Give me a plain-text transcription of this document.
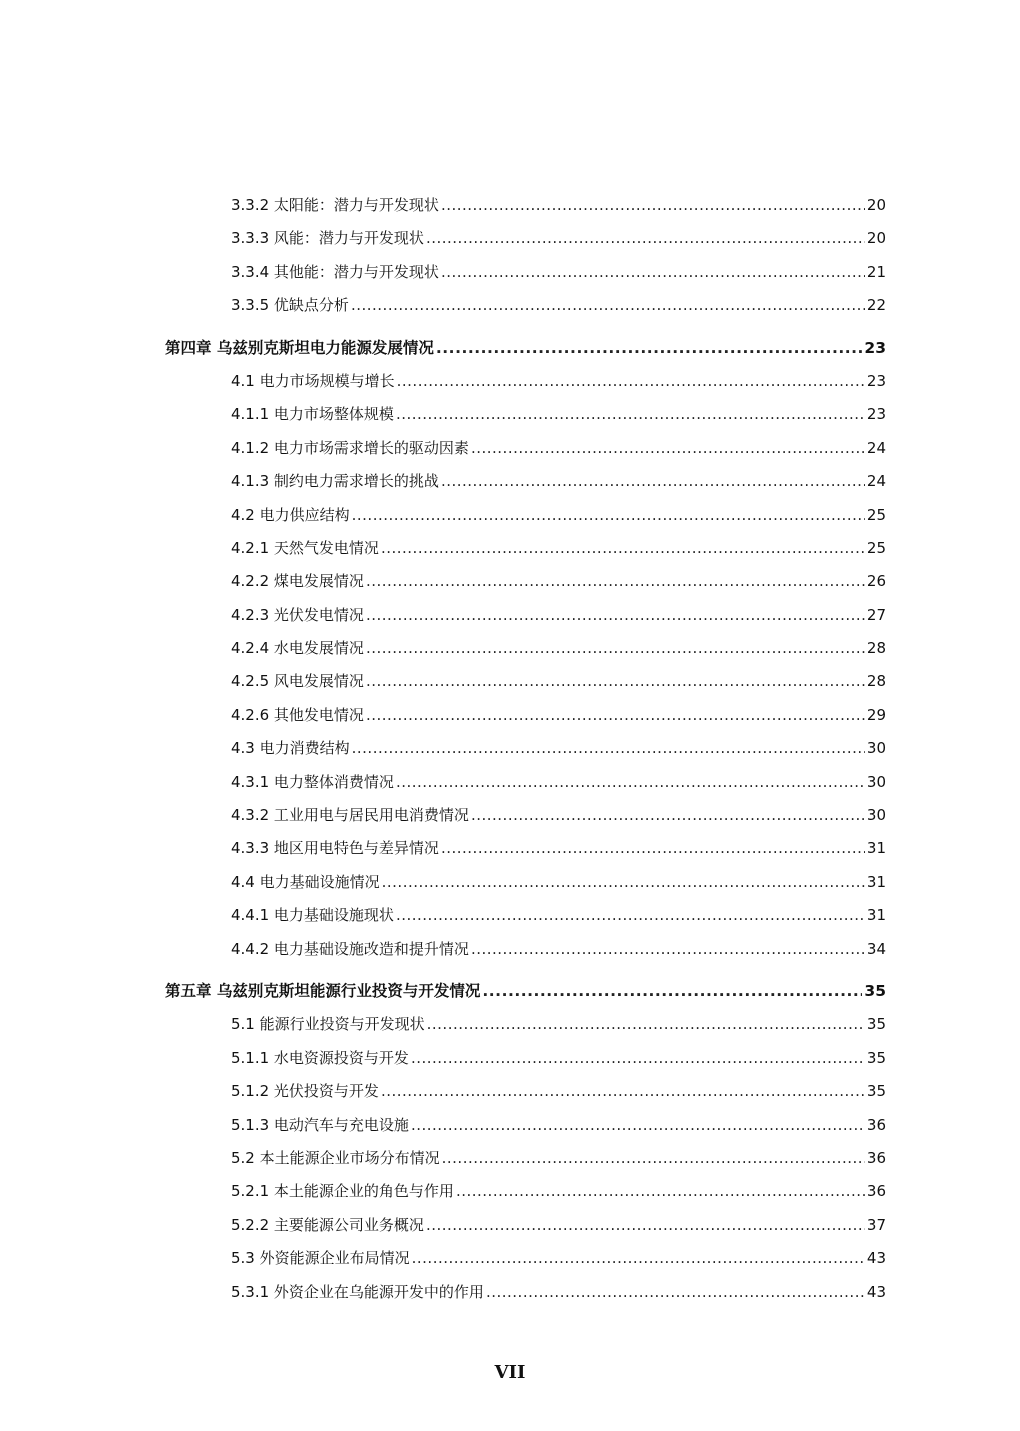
3.3.2 太阳能：潜力与开发现状 .....	20
3.3.3 风能：潜力与开发现状 .....	20
3.3.4 其他能：潜力与开发现状 .....	21
3.3.5 优缺点分析 .....	22
第四章 乌兹别克斯坦电力能源发展情况 .....	23
4.1 电力市场规模与增长 .....	23
4.1.1 电力市场整体规模 .....	23
4.1.2 电力市场需求增长的驱动因素 .....	24
4.1.3 制约电力需求增长的挑战 .....	24
4.2 电力供应结构 .....	25
4.2.1 天然气发电情况 .....	25
4.2.2 煤电发展情况 .....	26
4.2.3 光伏发电情况 .....	27
4.2.4 水电发展情况 .....	28
4.2.5 风电发展情况 .....	28
4.2.6 其他发电情况 .....	29
4.3 电力消费结构 .....	30
4.3.1 电力整体消费情况 .....	30
4.3.2 工业用电与居民用电消费情况 .....	30
4.3.3 地区用电特色与差异情况 .....	31
4.4 电力基础设施情况 .....	31
4.4.1 电力基础设施现状 .....	31
4.4.2 电力基础设施改造和提升情况 .....	34
第五章 乌兹别克斯坦能源行业投资与开发情况 .....	35
5.1 能源行业投资与开发现状 .....	35
5.1.1 水电资源投资与开发 .....	35
5.1.2 光伏投资与开发 .....	35
5.1.3 电动汽车与充电设施 .....	36
5.2 本土能源企业市场分布情况 .....	36
5.2.1 本土能源企业的角色与作用 .....	36
5.2.2 主要能源公司业务概况 .....	37
5.3 外资能源企业布局情况 .....	43
5.3.1 外资企业在乌能源开发中的作用 .....	43
VII
